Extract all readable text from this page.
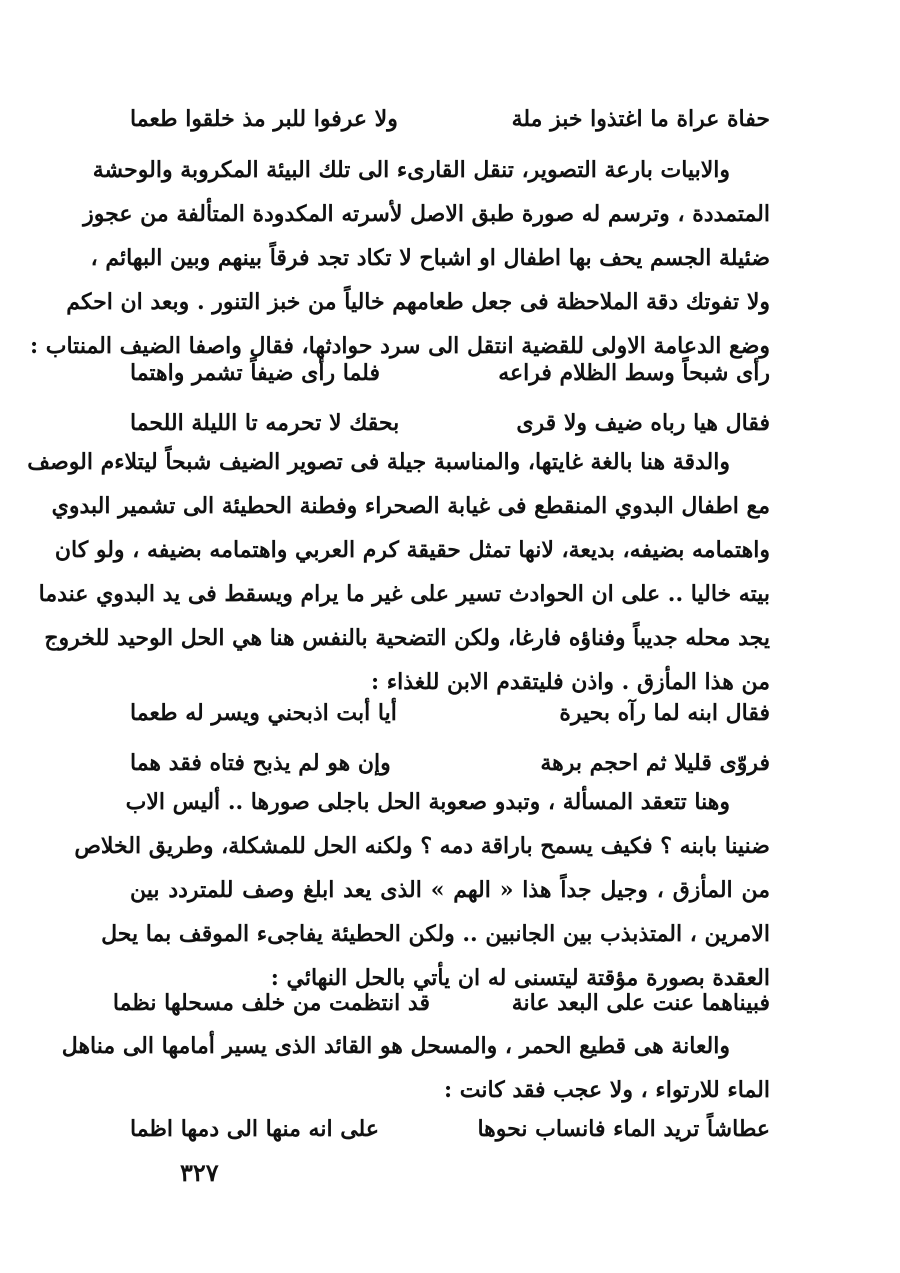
حفاة عراة ما اغتذوا خبز ملة
ولا عرفوا للبر مذ خلقوا طعما
والابيات بارعة التصوير، تنقل القارىء الى تلك البيئة المكروبة والوحشة
المتمددة ، وترسم له صورة طبق الاصل لأسرته المكدودة المتألفة من عجوز
ضئيلة الجسم يحف بها اطفال او اشباح لا تكاد تجد فرقاً بينهم وبين البهائم ،
ولا تفوتك دقة الملاحظة فى جعل طعامهم خالياً من خبز التنور . وبعد ان احكم
وضع الدعامة الاولى للقضية انتقل الى سرد حوادثها، فقال واصفا الضيف المنتاب :
رأى شبحاً وسط الظلام فراعه
فلما رأى ضيفاً تشمر واهتما
فقال هيا رباه ضيف ولا قرى
بحقك لا تحرمه تا الليلة اللحما
والدقة هنا بالغة غايتها، والمناسبة جيلة فى تصوير الضيف شبحاً ليتلاءم الوصف
مع اطفال البدوي المنقطع فى غيابة الصحراء وفطنة الحطيئة الى تشمير البدوي
واهتمامه بضيفه، بديعة، لانها تمثل حقيقة كرم العربي واهتمامه بضيفه ، ولو كان
بيته خاليا .. على ان الحوادث تسير على غير ما يرام ويسقط فى يد البدوي عندما
يجد محله جديباً وفناؤه فارغا، ولكن التضحية بالنفس هنا هي الحل الوحيد للخروج
من هذا المأزق . واذن فليتقدم الابن للغذاء :
فقال ابنه لما رآه بحيرة
أيا أبت اذبحني ويسر له طعما
فروّى قليلا ثم احجم برهة
وإن هو لم يذبح فتاه فقد هما
وهنا تتعقد المسألة ، وتبدو صعوبة الحل باجلى صورها .. أليس الاب
ضنينا بابنه ؟ فكيف يسمح باراقة دمه ؟ ولكنه الحل للمشكلة، وطريق الخلاص
من المأزق ، وجيل جداً هذا « الهم » الذى يعد ابلغ وصف للمتردد بين
الامرين ، المتذبذب بين الجانبين .. ولكن الحطيئة يفاجىء الموقف بما يحل
العقدة بصورة مؤقتة ليتسنى له ان يأتي بالحل النهائي :
فبيناهما عنت على البعد عانة
قد انتظمت من خلف مسحلها نظما
والعانة هى قطيع الحمر ، والمسحل هو القائد الذى يسير أمامها الى مناهل
الماء للارتواء ، ولا عجب فقد كانت :
عطاشاً تريد الماء فانساب نحوها
على انه منها الى دمها اظما
٣٢٧
